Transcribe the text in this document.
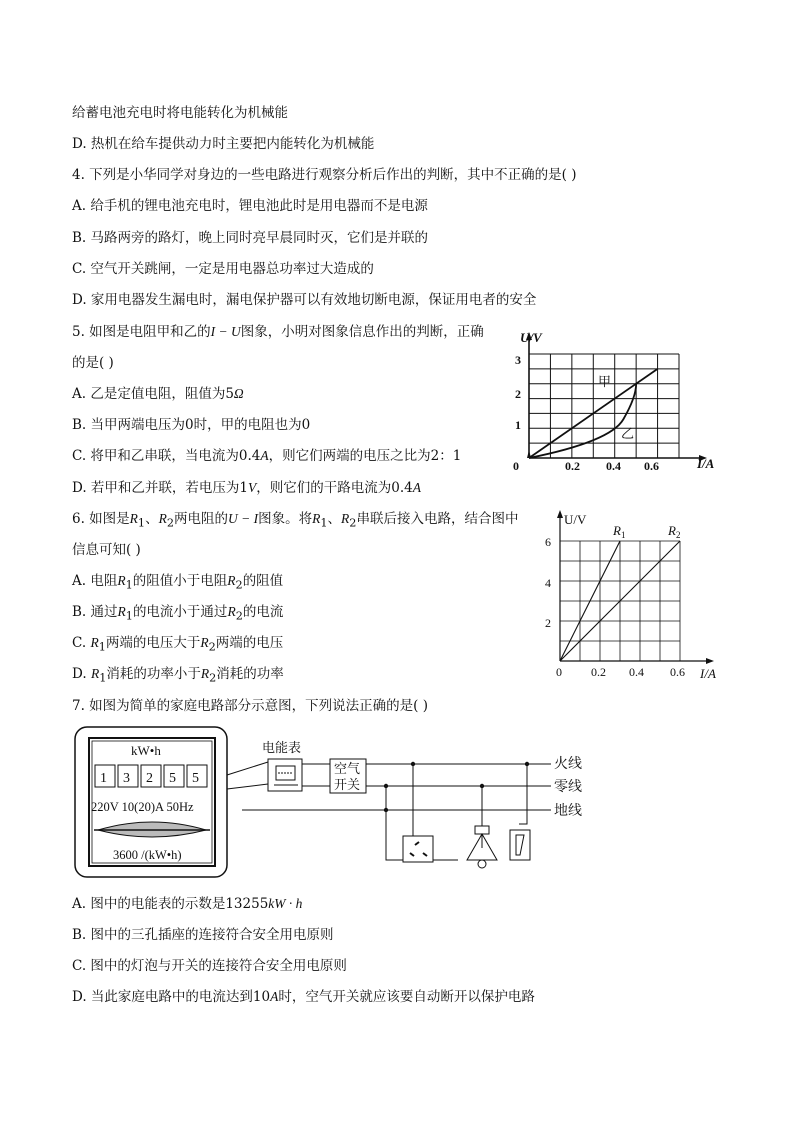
给蓄电池充电时将电能转化为机械能
D. 热机在给车提供动力时主要把内能转化为机械能
4. 下列是小华同学对身边的一些电路进行观察分析后作出的判断，其中不正确的是( )
A. 给手机的锂电池充电时，锂电池此时是用电器而不是电源
B. 马路两旁的路灯，晚上同时亮早晨同时灭，它们是并联的
C. 空气开关跳闸，一定是用电器总功率过大造成的
D. 家用电器发生漏电时，漏电保护器可以有效地切断电源，保证用电者的安全
5. 如图是电阻甲和乙的I − U图象，小明对图象信息作出的判断，正确
的是( )
A. 乙是定值电阻，阻值为5Ω
B. 当甲两端电压为0时，甲的电阻也为0
C. 将甲和乙串联，当电流为0.4A，则它们两端的电压之比为2：1
D. 若甲和乙并联，若电压为1V，则它们的干路电流为0.4A
U/V
I/A
0
1
2
3
0.2 0.4 0.6
甲
乙
6. 如图是$R_1$、$R_2$两电阻的U − I图象。将$R_1$、$R_2$串联后接入电路，结合图中
信息可知( )
A. 电阻$R_1$的阻值小于电阻$R_2$的阻值
B. 通过$R_1$的电流小于通过$R_2$的电流
C. $R_1$两端的电压大于$R_2$两端的电压
D. $R_1$消耗的功率小于$R_2$消耗的功率
U/V
I/A
0
2
4
6
0.2 0.4 0.6
$R_1$	$R_2$
7. 如图为简单的家庭电路部分示意图，下列说法正确的是( )
kW•h
1 3 2 5 5
220V 10(20)A 50Hz
3600 /(kW•h)
电能表
空气
开关
火线
零线
地线
A. 图中的电能表的示数是13255kW · h
B. 图中的三孔插座的连接符合安全用电原则
C. 图中的灯泡与开关的连接符合安全用电原则
D. 当此家庭电路中的电流达到10A时，空气开关就应该要自动断开以保护电路
